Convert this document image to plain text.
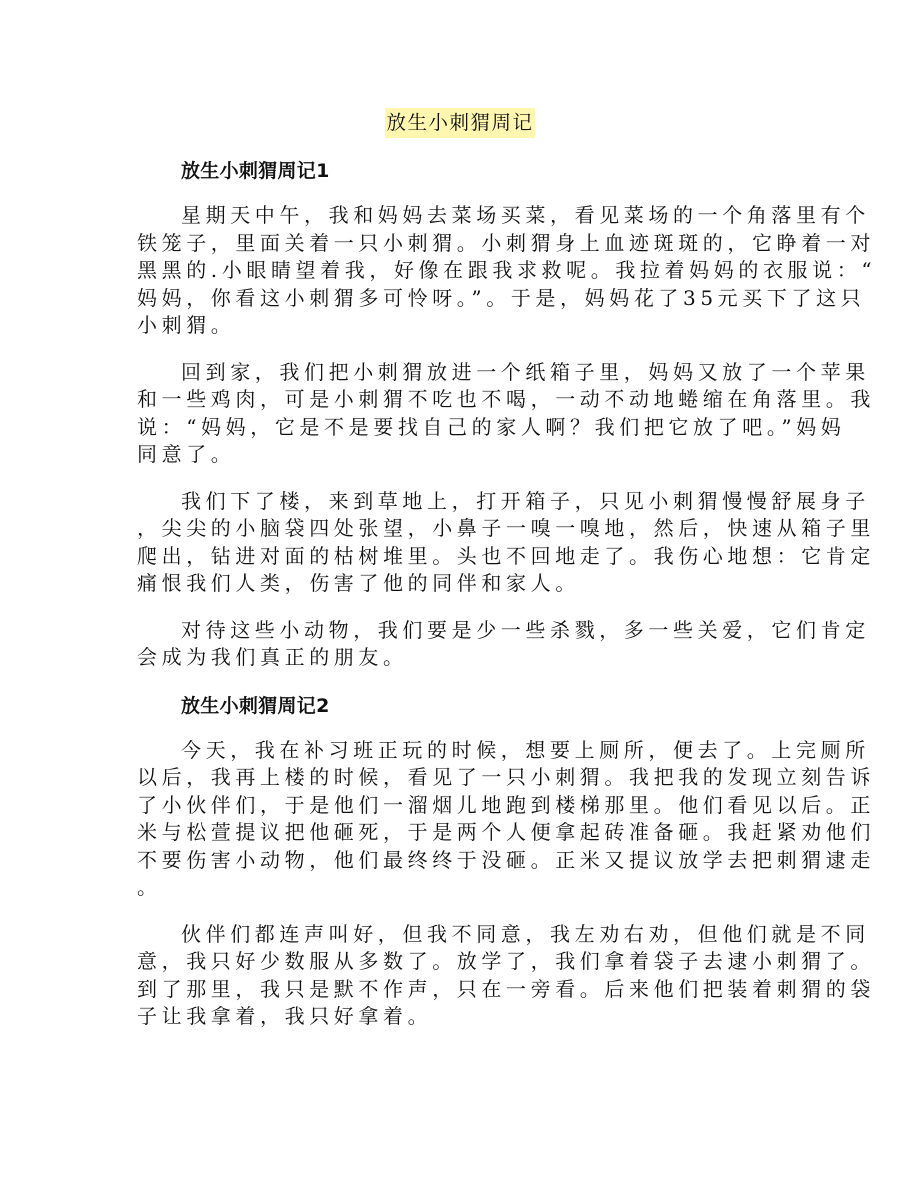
放生小刺猬周记
放生小刺猬周记1
星期天中午，我和妈妈去菜场买菜，看见菜场的一个角落里有个
铁笼子，里面关着一只小刺猬。小刺猬身上血迹斑斑的，它睁着一对
黑黑的.小眼睛望着我，好像在跟我求救呢。我拉着妈妈的衣服说：“
妈妈，你看这小刺猬多可怜呀。”。于是，妈妈花了35元买下了这只
小刺猬。
回到家，我们把小刺猬放进一个纸箱子里，妈妈又放了一个苹果
和一些鸡肉，可是小刺猬不吃也不喝，一动不动地蜷缩在角落里。我
说：“妈妈，它是不是要找自己的家人啊？我们把它放了吧。”妈妈
同意了。
我们下了楼，来到草地上，打开箱子，只见小刺猬慢慢舒展身子
，尖尖的小脑袋四处张望，小鼻子一嗅一嗅地，然后，快速从箱子里
爬出，钻进对面的枯树堆里。头也不回地走了。我伤心地想：它肯定
痛恨我们人类，伤害了他的同伴和家人。
对待这些小动物，我们要是少一些杀戮，多一些关爱，它们肯定
会成为我们真正的朋友。
放生小刺猬周记2
今天，我在补习班正玩的时候，想要上厕所，便去了。上完厕所
以后，我再上楼的时候，看见了一只小刺猬。我把我的发现立刻告诉
了小伙伴们，于是他们一溜烟儿地跑到楼梯那里。他们看见以后。正
米与松萱提议把他砸死，于是两个人便拿起砖准备砸。我赶紧劝他们
不要伤害小动物，他们最终终于没砸。正米又提议放学去把刺猬逮走
。
伙伴们都连声叫好，但我不同意，我左劝右劝，但他们就是不同
意，我只好少数服从多数了。放学了，我们拿着袋子去逮小刺猬了。
到了那里，我只是默不作声，只在一旁看。后来他们把装着刺猬的袋
子让我拿着，我只好拿着。
